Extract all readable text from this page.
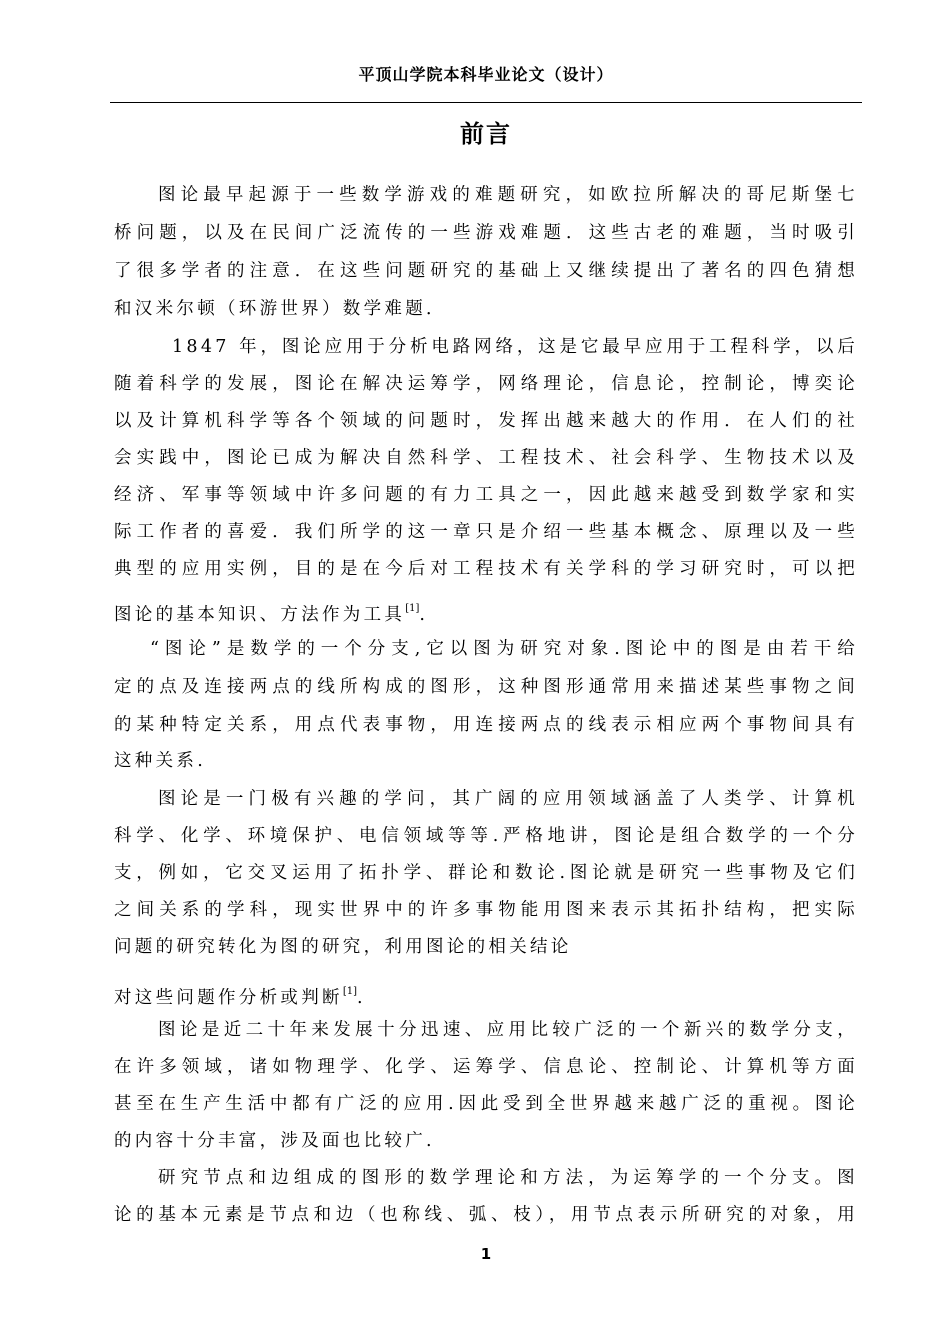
平顶山学院本科毕业论文（设计）
前言
图论最早起源于一些数学游戏的难题研究，如欧拉所解决的哥尼斯堡七
桥问题，以及在民间广泛流传的一些游戏难题．这些古老的难题，当时吸引
了很多学者的注意．在这些问题研究的基础上又继续提出了著名的四色猜想
和汉米尔顿（环游世界）数学难题．
1847 年，图论应用于分析电路网络，这是它最早应用于工程科学，以后
随着科学的发展，图论在解决运筹学，网络理论，信息论，控制论，博奕论
以及计算机科学等各个领域的问题时，发挥出越来越大的作用．在人们的社
会实践中，图论已成为解决自然科学、工程技术、社会科学、生物技术以及
经济、军事等领域中许多问题的有力工具之一，因此越来越受到数学家和实
际工作者的喜爱．我们所学的这一章只是介绍一些基本概念、原理以及一些
典型的应用实例，目的是在今后对工程技术有关学科的学习研究时，可以把
图论的基本知识、方法作为工具[1].
“图论”是数学的一个分支,它以图为研究对象.图论中的图是由若干给
定的点及连接两点的线所构成的图形，这种图形通常用来描述某些事物之间
的某种特定关系，用点代表事物，用连接两点的线表示相应两个事物间具有
这种关系.
图论是一门极有兴趣的学问，其广阔的应用领域涵盖了人类学、计算机
科学、化学、环境保护、电信领域等等.严格地讲，图论是组合数学的一个分
支，例如，它交叉运用了拓扑学、群论和数论.图论就是研究一些事物及它们
之间关系的学科，现实世界中的许多事物能用图来表示其拓扑结构，把实际
问题的研究转化为图的研究，利用图论的相关结论
对这些问题作分析或判断[1].
图论是近二十年来发展十分迅速、应用比较广泛的一个新兴的数学分支，
在许多领域，诸如物理学、化学、运筹学、信息论、控制论、计算机等方面
甚至在生产生活中都有广泛的应用.因此受到全世界越来越广泛的重视。图论
的内容十分丰富，涉及面也比较广.
研究节点和边组成的图形的数学理论和方法，为运筹学的一个分支。图
论的基本元素是节点和边（也称线、弧、枝），用节点表示所研究的对象，用
1
